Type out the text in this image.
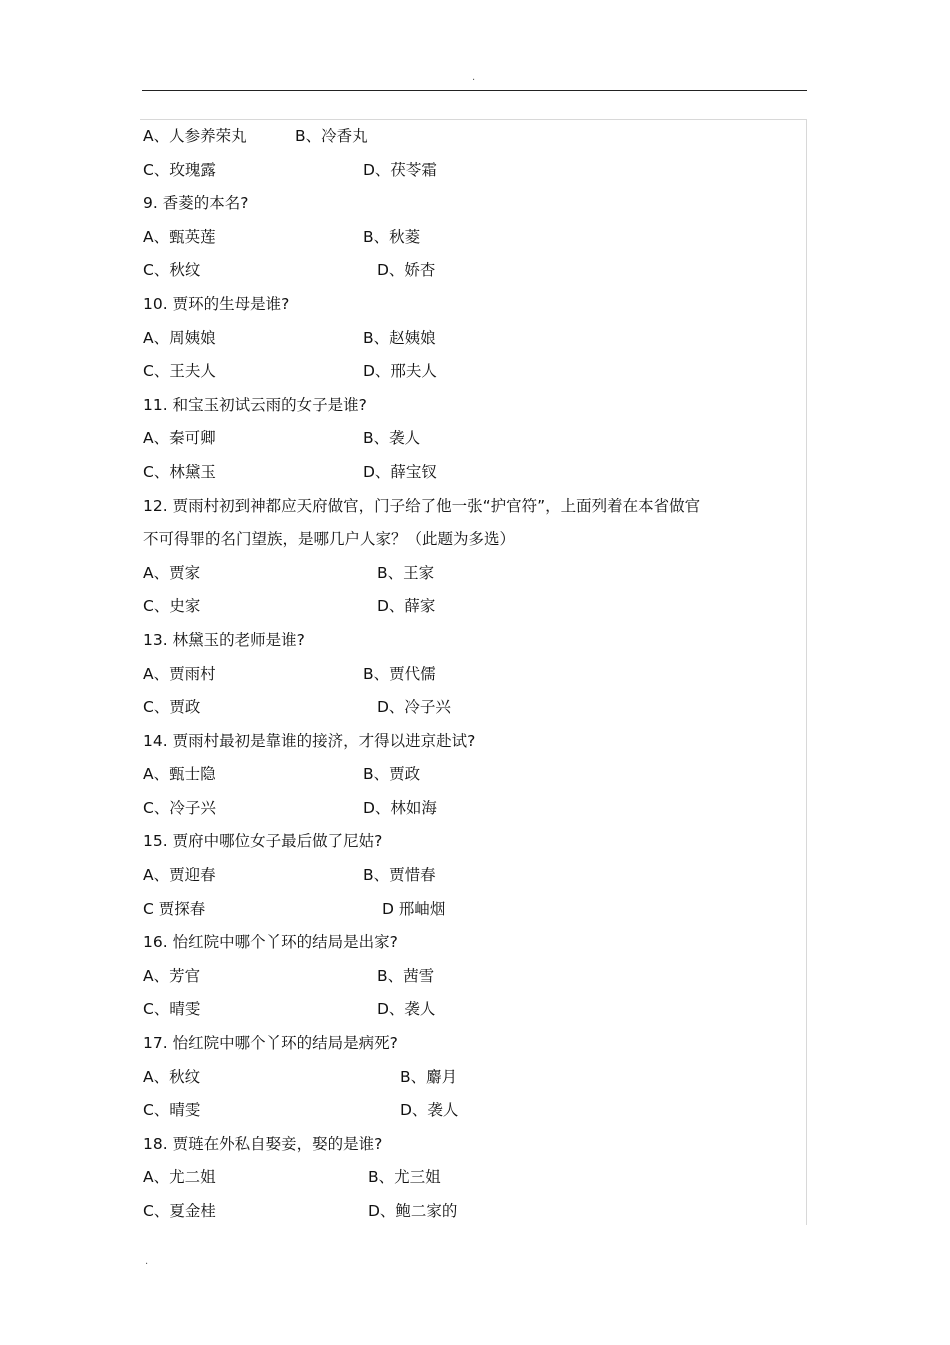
.
A、人参养荣丸	B、冷香丸
C、玫瑰露	D、茯苓霜
9. 香菱的本名?
A、甄英莲	B、秋菱
C、秋纹	D、娇杏
10. 贾环的生母是谁?
A、周姨娘	B、赵姨娘
C、王夫人	D、邢夫人
11. 和宝玉初试云雨的女子是谁?
A、秦可卿	B、袭人
C、林黛玉	D、薛宝钗
12. 贾雨村初到神都应天府做官，门子给了他一张“护官符”，上面列着在本省做官
不可得罪的名门望族，是哪几户人家？（此题为多选）
A、贾家	B、王家
C、史家	D、薛家
13. 林黛玉的老师是谁?
A、贾雨村	B、贾代儒
C、贾政	D、冷子兴
14. 贾雨村最初是靠谁的接济，才得以进京赴试?
A、甄士隐	B、贾政
C、冷子兴	D、林如海
15. 贾府中哪位女子最后做了尼姑?
A、贾迎春	B、贾惜春
C 贾探春	D 邢岫烟
16. 怡红院中哪个丫环的结局是出家?
A、芳官	B、茜雪
C、晴雯	D、袭人
17. 怡红院中哪个丫环的结局是病死?
A、秋纹	B、麝月
C、晴雯	D、袭人
18. 贾琏在外私自娶妾，娶的是谁?
A、尤二姐	B、尤三姐
C、夏金桂	D、鲍二家的
.
